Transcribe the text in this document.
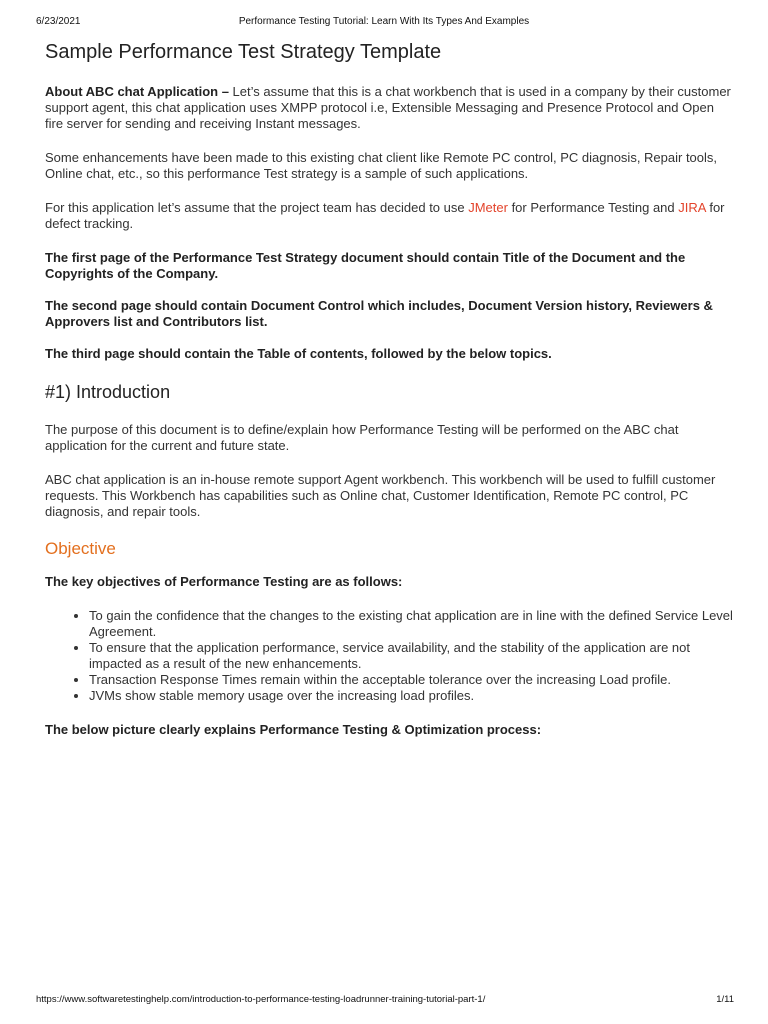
6/23/2021	Performance Testing Tutorial: Learn With Its Types And Examples
Sample Performance Test Strategy Template

About ABC chat Application – Let’s assume that this is a chat workbench that is used in a company by their customer support agent, this chat application uses XMPP protocol i.e, Extensible Messaging and Presence Protocol and Open fire server for sending and receiving Instant messages.

Some enhancements have been made to this existing chat client like Remote PC control, PC diagnosis, Repair tools, Online chat, etc., so this performance Test strategy is a sample of such applications.

For this application let’s assume that the project team has decided to use JMeter for Performance Testing and JIRA for defect tracking.

The first page of the Performance Test Strategy document should contain Title of the Document and the Copyrights of the Company.

The second page should contain Document Control which includes, Document Version history, Reviewers & Approvers list and Contributors list.

The third page should contain the Table of contents, followed by the below topics.

#1) Introduction

The purpose of this document is to define/explain how Performance Testing will be performed on the ABC chat application for the current and future state.

ABC chat application is an in-house remote support Agent workbench. This workbench will be used to fulfill customer requests. This Workbench has capabilities such as Online chat, Customer Identification, Remote PC control, PC diagnosis, and repair tools.

Objective

The key objectives of Performance Testing are as follows:

• To gain the confidence that the changes to the existing chat application are in line with the defined Service Level Agreement.
• To ensure that the application performance, service availability, and the stability of the application are not impacted as a result of the new enhancements.
• Transaction Response Times remain within the acceptable tolerance over the increasing Load profile.
• JVMs show stable memory usage over the increasing load profiles.

The below picture clearly explains Performance Testing & Optimization process:

https://www.softwaretestinghelp.com/introduction-to-performance-testing-loadrunner-training-tutorial-part-1/	1/11
